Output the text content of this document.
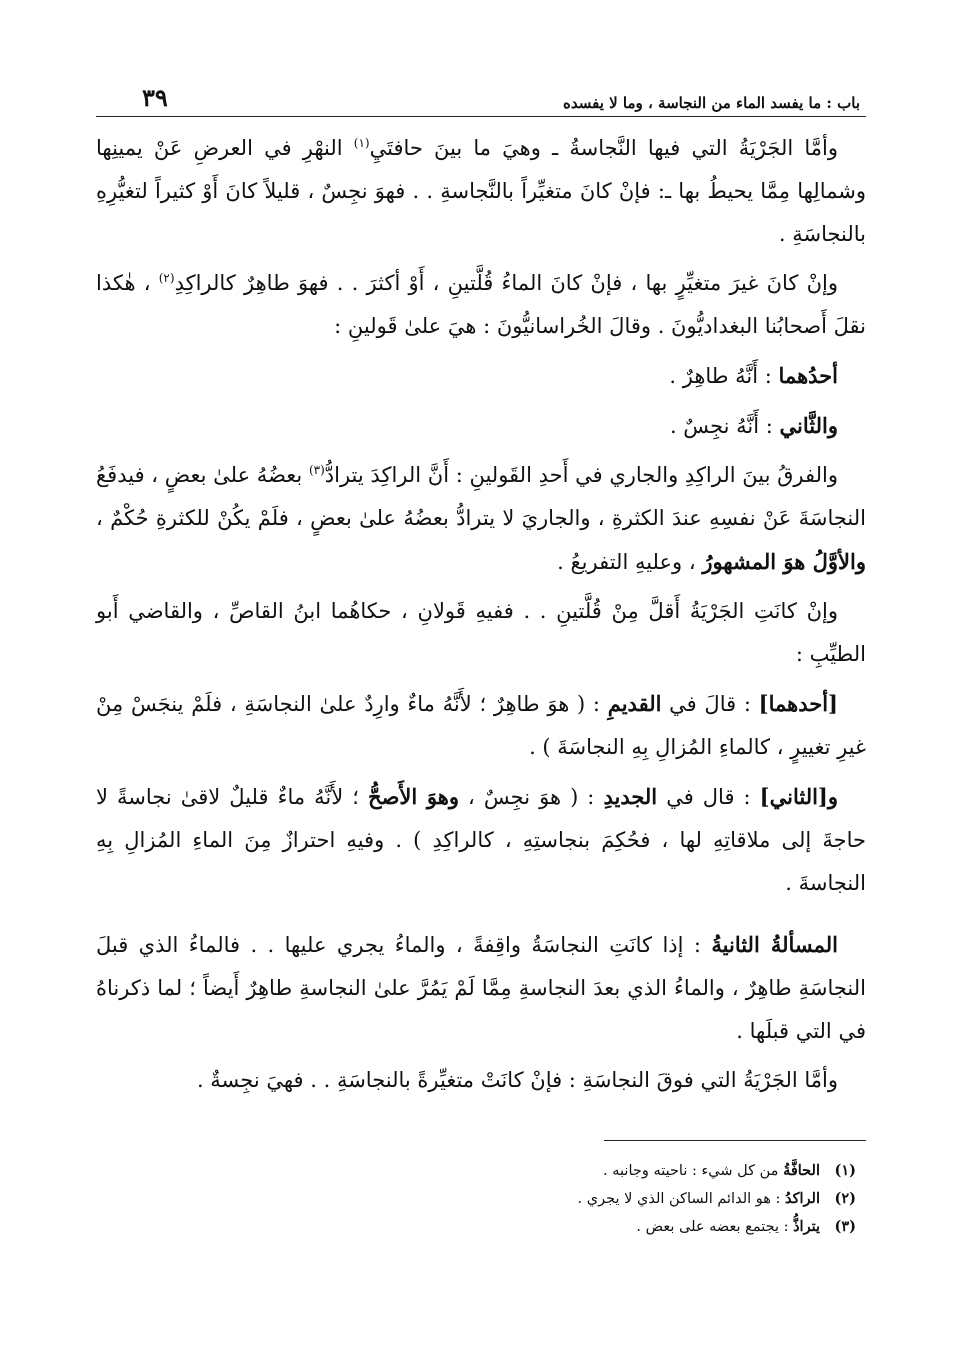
باب : ما يفسد الماء من النجاسة ، وما لا يفسده
٣٩

وأمَّا الجَرْيَةُ التي فيها النَّجاسةُ ـ وهيَ ما بينَ حافتَيِ$^{(١)}$ النهْرِ في العرضِ عَنْ يمينِها وشمالِها مِمَّا يحيطُ بها ـ: فإنْ كانَ متغيِّراً بالنَّجاسةِ . . فهوَ نجِسٌ ، قليلاً كانَ أَوْ كثيراً لتغيُّرِهِ بالنجاسَةِ .

وإنْ كانَ غيرَ متغيِّرٍ بها ، فإنْ كانَ الماءُ قُلَّتينِ ، أَوْ أكثرَ . . فهوَ طاهِرٌ كالراكِدِ$^{(٢)}$ ، هٰكذا نقلَ أَصحابُنا البغداديُّونَ . وقالَ الخُراسانيُّونَ : هيَ علىٰ قَولينِ :

أحدُهما : أَنَّهُ طاهِرٌ .

والثَّاني : أَنَّهُ نجِسٌ .

والفرقُ بينَ الراكِدِ والجاري في أَحدِ القَولينِ : أَنَّ الراكِدَ يترادُّ$^{(٣)}$ بعضُهُ علىٰ بعضٍ ، فيدفَعُ النجاسَةَ عَنْ نفسِهِ عندَ الكثرةِ ، والجاريَ لا يترادُّ بعضُهُ علىٰ بعضٍ ، فلَمْ يكُنْ للكثرةِ حُكْمٌ ، والأوَّلُ هوَ المشهورُ ، وعليهِ التفريعُ .

وإنْ كانَتِ الجَرْيَةُ أَقلَّ مِنْ قُلَّتينِ . . ففيهِ قَولانِ ، حكاهُما ابنُ القاصِّ ، والقاضي أَبو الطيِّبِ :

[أحدهما] : قالَ في القديمِ : ( هوَ طاهِرٌ ؛ لأَنَّهُ ماءٌ وارِدٌ علىٰ النجاسَةِ ، فلَمْ ينجَسْ مِنْ غيرِ تغييرٍ ، كالماءِ المُزالِ بِهِ النجاسَةَ ) .

و[الثاني] : قال في الجديدِ : ( هوَ نجِسٌ ، وهوَ الأَصحُّ ؛ لأَنَّهُ ماءٌ قليلٌ لاقىٰ نجاسةً لا حاجةَ إلى ملاقاتِهِ لها ، فحُكِمَ بنجاستِهِ ، كالراكِدِ ) . وفيهِ احترازٌ مِنَ الماءِ المُزالِ بِهِ النجاسةَ .

المسألةُ الثانيةُ : إذا كانَتِ النجاسَةُ واقِفةً ، والماءُ يجري عليها . . فالماءُ الذي قبلَ النجاسَةِ طاهِرٌ ، والماءُ الذي بعدَ النجاسةِ مِمَّا لَمْ يَمُرَّ علىٰ النجاسةِ طاهِرٌ أَيضاً ؛ لما ذكرناهُ في التي قبلَها .

وأمَّا الجَرْيَةُ التي فوقَ النجاسَةِ : فإنْ كانَتْ متغيِّرةً بالنجاسَةِ . . فهيَ نجِسةٌ .

(١)
الحافَّةُ من كل شيء : ناحيته وجانبه .
(٢)
الراكدُ : هو الدائم الساكن الذي لا يجري .
(٣)
يتراذُّ : يجتمع بعضه على بعض .
